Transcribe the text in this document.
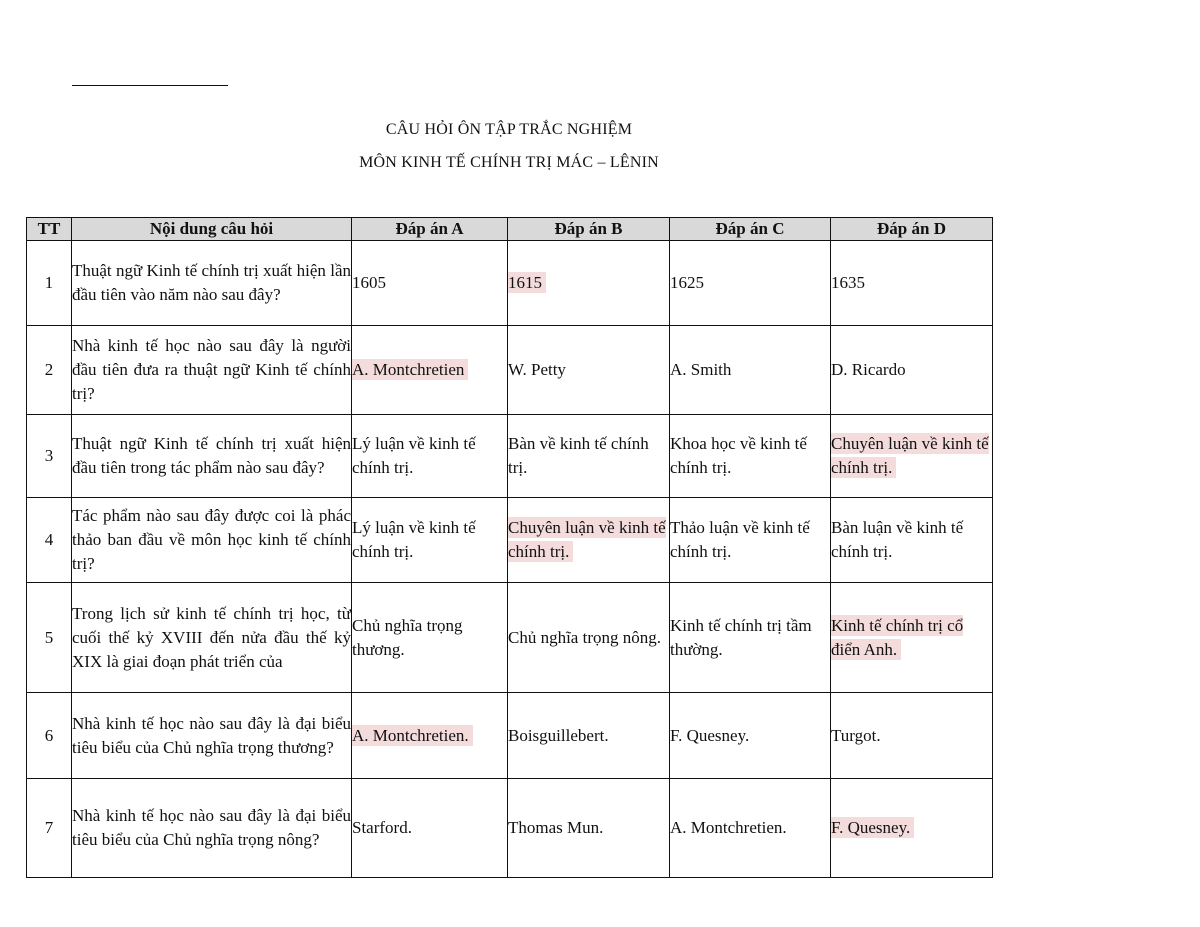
CÂU HỎI ÔN TẬP TRẮC NGHIỆM
MÔN KINH TẾ CHÍNH TRỊ MÁC – LÊNIN
TT	Nội dung câu hỏi	Đáp án A	Đáp án B	Đáp án C	Đáp án D
1	Thuật ngữ Kinh tế chính trị xuất hiện lần đầu tiên vào năm nào sau đây?	1605	1615	1625	1635
2	Nhà kinh tế học nào sau đây là người đầu tiên đưa ra thuật ngữ Kinh tế chính trị?	A. Montchretien	W. Petty	A. Smith	D. Ricardo
3	Thuật ngữ Kinh tế chính trị xuất hiện đầu tiên trong tác phẩm nào sau đây?	Lý luận về kinh tế chính trị.	Bàn về kinh tế chính trị.	Khoa học về kinh tế chính trị.	Chuyên luận về kinh tế chính trị.
4	Tác phẩm nào sau đây được coi là phác thảo ban đầu về môn học kinh tế chính trị?	Lý luận về kinh tế chính trị.	Chuyên luận về kinh tế chính trị.	Thảo luận về kinh tế chính trị.	Bàn luận về kinh tế chính trị.
5	Trong lịch sử kinh tế chính trị học, từ cuối thế kỷ XVIII đến nửa đầu thế kỷ XIX là giai đoạn phát triển của	Chủ nghĩa trọng thương.	Chủ nghĩa trọng nông.	Kinh tế chính trị tầm thường.	Kinh tế chính trị cổ điển Anh.
6	Nhà kinh tế học nào sau đây là đại biểu tiêu biểu của Chủ nghĩa trọng thương?	A. Montchretien.	Boisguillebert.	F. Quesney.	Turgot.
7	Nhà kinh tế học nào sau đây là đại biểu tiêu biểu của Chủ nghĩa trọng nông?	Starford.	Thomas Mun.	A. Montchretien.	F. Quesney.
